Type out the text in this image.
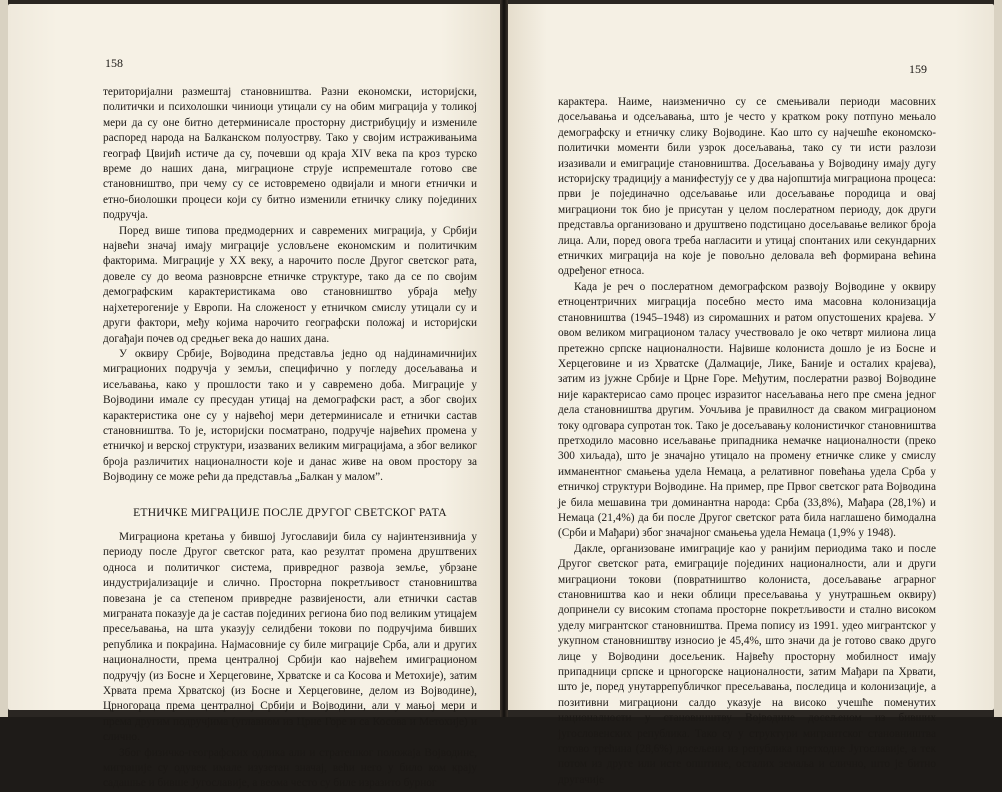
158

територијални размештај становништва. Разни економски, историјски, политички и психолошки чиниоци утицали су на обим миграција у толикој мери да су оне битно детерминисале просторну дистрибуцију и измениле распоред народа на Балканском полуострву. Тако у својим истраживањима географ Цвијић истиче да су, почевши од краја XIV века па кроз турско време до наших дана, миграционе струје испремештале готово све становништво, при чему су се истовремено одвијали и многи етнички и етно-биолошки процеси који су битно изменили етничку слику појединих подручја.

Поред више типова предмодерних и савремених миграција, у Србији највећи значај имају миграције условљене економским и политичким факторима. Миграције у XX веку, а нарочито после Другог светског рата, довеле су до веома разноврсне етничке структуре, тако да се по својим демографским карактеристикама ово становништво убраја међу најхетерогеније у Европи. На сложеност у етничком смислу утицали су и други фактори, међу којима нарочито географски положај и историјски догађаји почев од средњег века до наших дана.

У оквиру Србије, Војводина представља једно од најдинамичнијих миграционих подручја у земљи, специфично у погледу досељавања и исељавања, како у прошлости тако и у савремено доба. Миграције у Војводини имале су пресудан утицај на демографски раст, а због својих карактеристика оне су у највећој мери детерминисале и етнички састав становништва. То је, историјски посматрано, подручје највећих промена у етничкој и верској структури, изазваних великим миграцијама, а због великог броја различитих националности које и данас живе на овом простору за Војводину се може рећи да представља „Балкан у малом”.

ЕТНИЧКЕ МИГРАЦИЈЕ ПОСЛЕ ДРУГОГ СВЕТСКОГ РАТА

Миграциона кретања у бившој Југославији била су најинтензивнија у периоду после Другог светског рата, као резултат промена друштвених односа и политичког система, привредног развоја земље, убрзане индустријализације и слично. Просторна покретљивост становништва повезана је са степеном привредне развијености, али етнички састав миграната показује да је састав појединих региона био под великим утицајем пресељавања, на шта указују селидбени токови по подручјима бивших република и покрајина. Најмасовније су биле миграције Срба, али и других националности, према централној Србији као највећем имиграционом подручју (из Босне и Херцеговине, Хрватске и са Косова и Метохије), затим Хрвата према Хрватској (из Босне и Херцеговине, делом из Војводине), Црногораца према централној Србији и Војводини, али у мањој мери и према другим подручјима (углавном из Црне Горе и са Косова и Метохије) и слично.

Због физичко-географских одлика али и стратешког положаја Војводине, миграције су одувек имале изузетан значај, већи него у било ком крају садашње и бивше Југославије, а веома често су биле изразито бурног

159

карактера. Наиме, наизменично су се смењивали периоди масовних досељавања и одсељавања, што је често у кратком року потпуно мењало демографску и етничку слику Војводине. Као што су најчешће економско-политички моменти били узрок досељавања, тако су ти исти разлози изазивали и емиграције становништва. Досељавања у Војводину имају дугу историјску традицију а манифестују се у два најопштија миграциона процеса: први је појединачно одсељавање или досељавање породица и овај миграциони ток био је присутан у целом послератном периоду, док други представља организовано и друштвено подстицано досељавање великог броја лица. Али, поред овога треба нагласити и утицај спонтаних или секундарних етничких миграција на које је повољно деловала већ формирана већина одређеног етноса.

Када је реч о послератном демографском развоју Војводине у оквиру етноцентричних миграција посебно место има масовна колонизација становништва (1945–1948) из сиромашних и ратом опустошених крајева. У овом великом миграционом таласу учествовало је око четврт милиона лица претежно српске националности. Највише колониста дошло је из Босне и Херцеговине и из Хрватске (Далмације, Лике, Баније и осталих крајева), затим из јужне Србије и Црне Горе. Међутим, послератни развој Војводине није карактерисао само процес изразитог насељавања него пре смена једног дела становништва другим. Уочљива је правилност да сваком миграционом току одговара супротан ток. Тако је досељавању колонистичког становништва претходило масовно исељавање припадника немачке националности (преко 300 хиљада), што је значајно утицало на промену етничке слике у смислу имманентног смањења удела Немаца, а релативног повећања удела Срба у етничкој структури Војводине. На пример, пре Првог светског рата Војводина је била мешавина три доминантна народа: Срба (33,8%), Мађара (28,1%) и Немаца (21,4%) да би после Другог светског рата била наглашено бимодална (Срби и Мађари) због значајног смањења удела Немаца (1,9% у 1948).

Дакле, организоване имиграције као у ранијим периодима тако и после Другог светског рата, емиграције појединих националности, али и други миграциони токови (повратништво колониста, досељавање аграрног становништва као и неки облици пресељавања у унутрашњем оквиру) допринели су високим стопама просторне покретљивости и стално високом уделу мигрантског становништва. Према попису из 1991. удео мигрантског у укупном становништву износио је 45,4%, што значи да је готово свако друго лице у Војводини досељеник. Највећу просторну мобилност имају припадници српске и црногорске националности, затим Мађари па Хрвати, што је, поред унутаррепубличког пресељавања, последица и колонизације, а позитивни миграциони салдо указује на високо учешће поменутих националности у становништву Војводине досељеном из бивших југословенских република. Тако су у структури мигрантског становништва готово трећина (28,6%) досељени из република претходне Југославије, а тек потом из друге или исте општине, осталих земаља и слично, што је битно другачије
